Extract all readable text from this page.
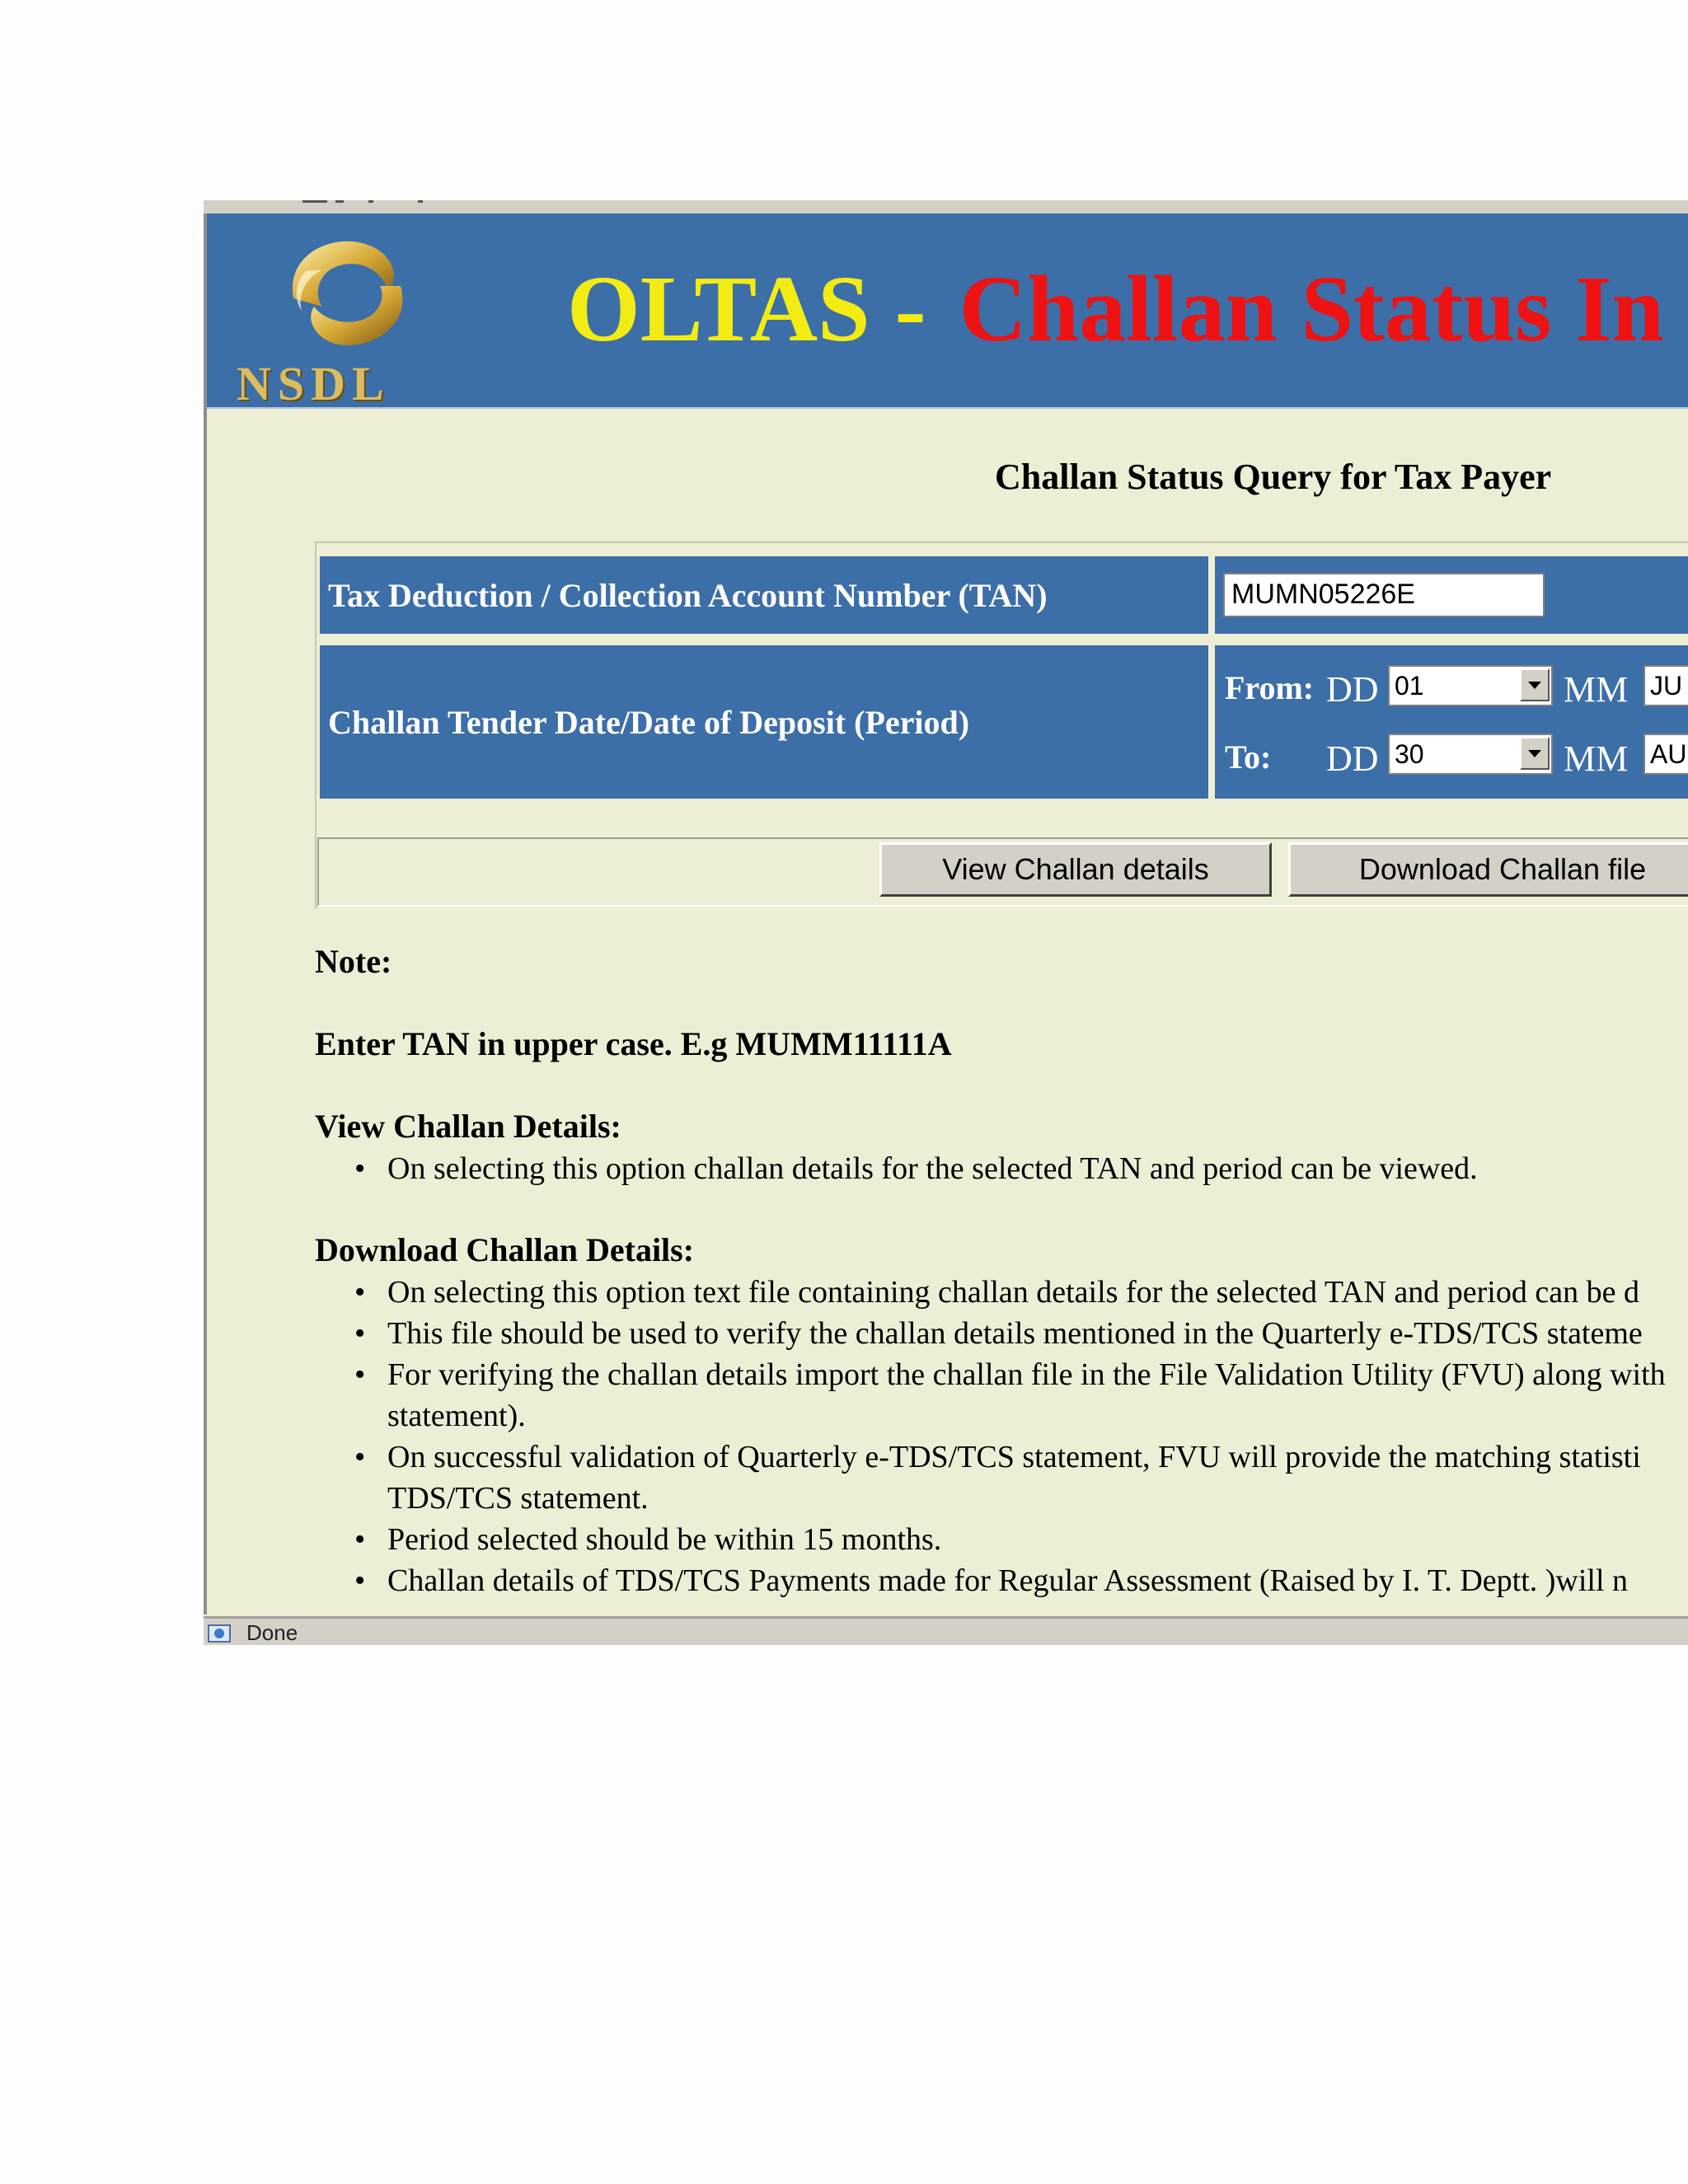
NSDL
OLTAS - Challan Status In
Challan Status Query for Tax Payer
Tax Deduction / Collection Account Number (TAN)	MUMN05226E
Challan Tender Date/Date of Deposit (Period)
From: DD 01	MM JU
To: DD 30	MM AU
View Challan details	Download Challan file
Note:
Enter TAN in upper case. E.g MUMM11111A
View Challan Details:
• On selecting this option challan details for the selected TAN and period can be viewed.
Download Challan Details:
• On selecting this option text file containing challan details for the selected TAN and period can be d
• This file should be used to verify the challan details mentioned in the Quarterly e-TDS/TCS stateme
• For verifying the challan details import the challan file in the File Validation Utility (FVU) along with
statement).
• On successful validation of Quarterly e-TDS/TCS statement, FVU will provide the matching statisti
TDS/TCS statement.
• Period selected should be within 15 months.
• Challan details of TDS/TCS Payments made for Regular Assessment (Raised by I. T. Deptt. )will n
Done
